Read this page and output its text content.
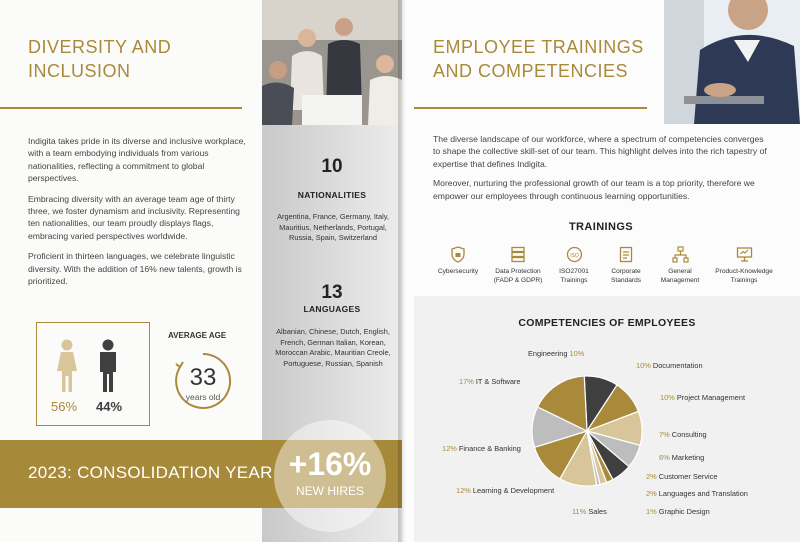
DIVERSITY AND
INCLUSION

Indigita takes pride in its diverse and inclusive workplace, with a team embodying individuals from various nationalities, reflecting a commitment to global perspectives.

Embracing diversity with an average team age of thirty three, we foster dynamism and inclusivity. Representing ten nationalities, our team proudly displays flags, embracing varied perspectives worldwide.

Proficient in thirteen languages, we celebrate linguistic diversity. With the addition of 16% new talents, growth is prioritized.

56% 44%
AVERAGE AGE
33
years old
10
NATIONALITIES
Argentina, France, Germany, Italy, Mauritius, Netherlands, Portugal, Russia, Spain, Switzerland
13
LANGUAGES
Albanian, Chinese, Dutch, English, French, German Italian, Korean, Moroccan Arabic, Mauritian Creole, Portuguese, Russian, Spanish
2023: CONSOLIDATION YEAR +16%
NEW HIRES
EMPLOYEE TRAININGS
AND COMPETENCIES

The diverse landscape of our workforce, where a spectrum of competencies converges to shape the collective skill-set of our team. This highlight delves into the rich tapestry of expertise that defines Indigita.

Moreover, nurturing the professional growth of our team is a top priority, therefore we empower our employees through continuous learning opportunities.

TRAININGS
Cybersecurity	Data Protection
(FADP & GDPR)
ISO
ISO27001
Trainings
Corporate
Standards
General
Management
Product-Knowledge
Trainings
COMPETENCIES OF EMPLOYEES
Engineering 10%
10% Documentation
10% Project Management
7% Consulting
6% Marketing
2% Customer Service
2% Languages and Translation
1% Graphic Design
11% Sales
12% Learning & Development
12% Finance & Banking
17% IT & Software
